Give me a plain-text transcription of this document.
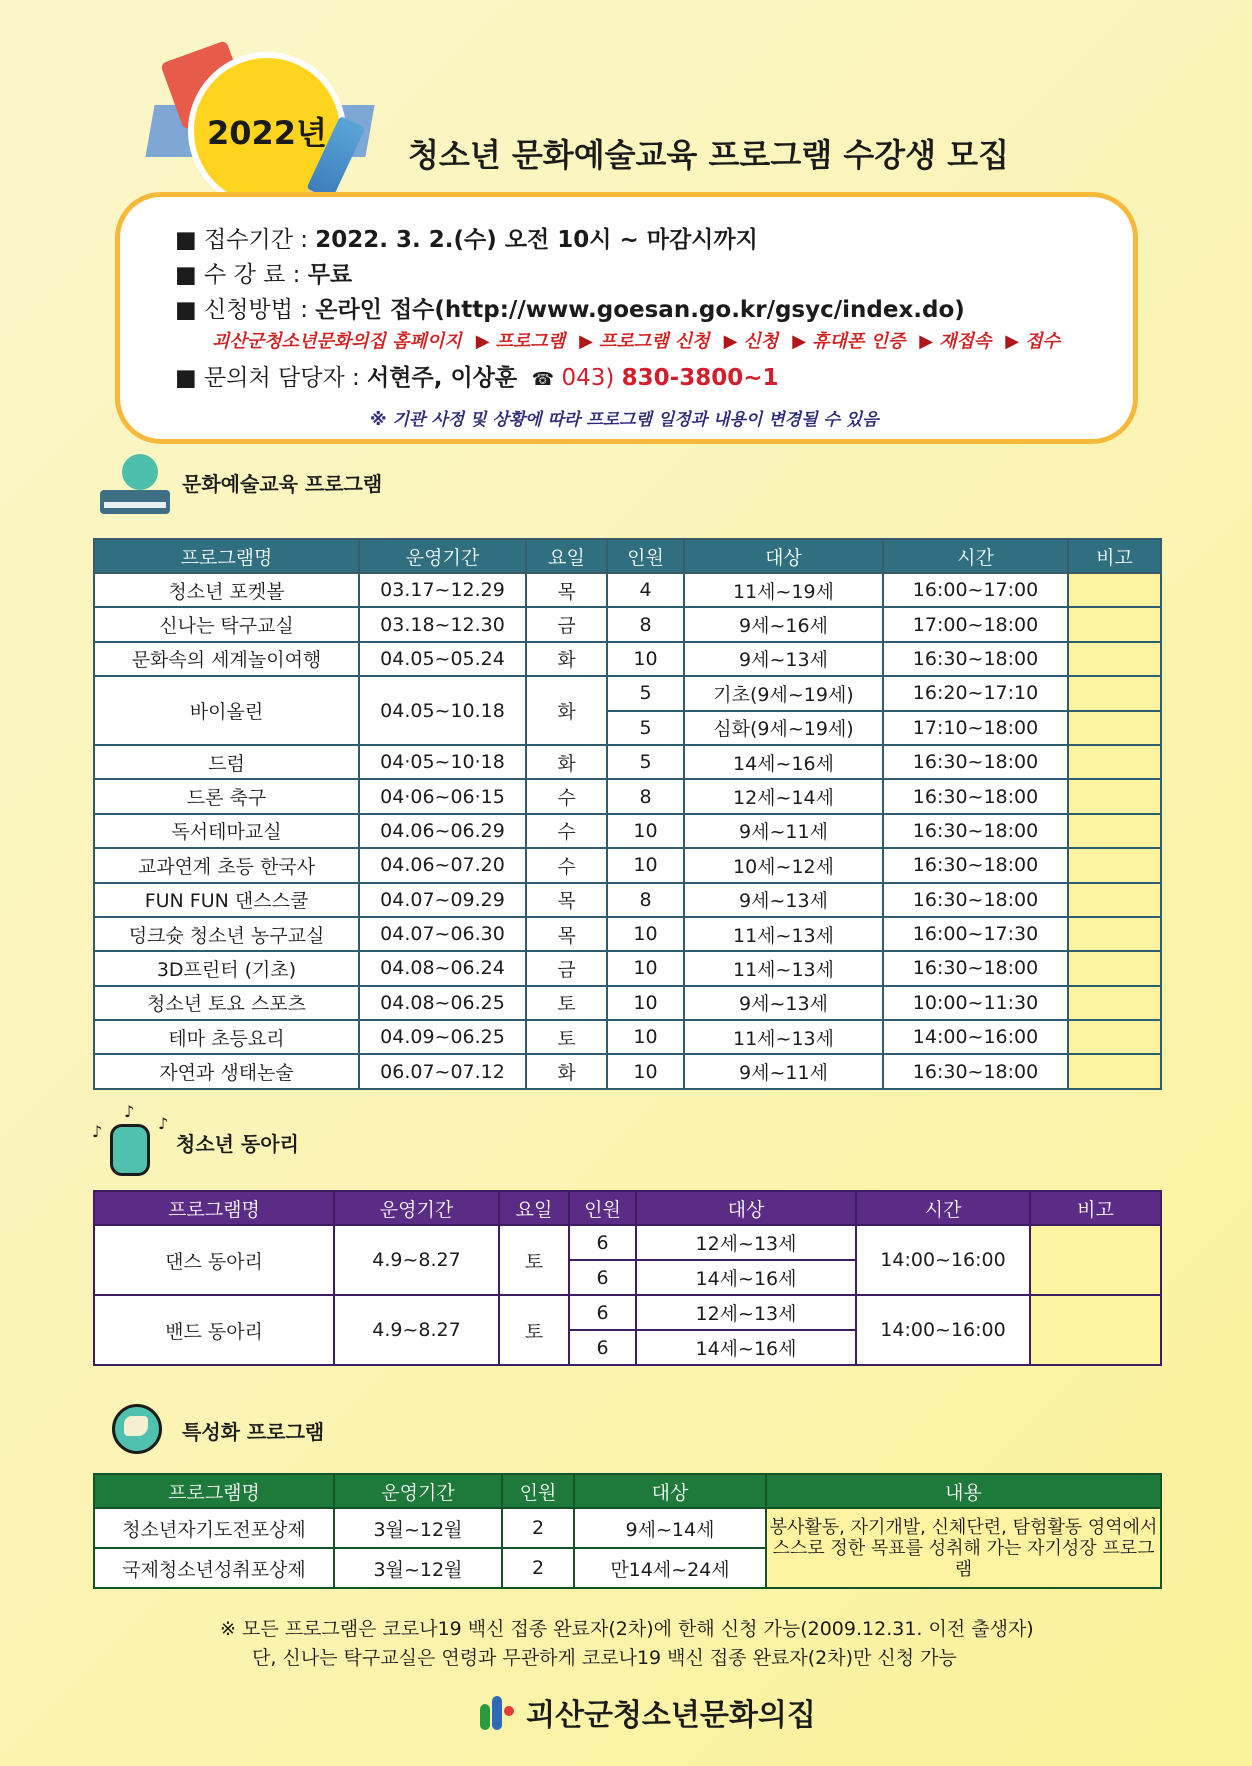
2022년
청소년 문화예술교육 프로그램 수강생 모집
■ 접수기간 : 2022. 3. 2.(수) 오전 10시 ~ 마감시까지
■ 수 강 료 : 무료
■ 신청방법 : 온라인 접수(http://www.goesan.go.kr/gsyc/index.do)
괴산군청소년문화의집 홈페이지 ▶ 프로그램 ▶ 프로그램 신청 ▶ 신청 ▶ 휴대폰 인증 ▶ 재접속 ▶ 접수
■ 문의처 담당자 : 서현주, 이상훈 ☎ 043) 830-3800~1
※ 기관 사정 및 상황에 따라 프로그램 일정과 내용이 변경될 수 있음
문화예술교육 프로그램
프로그램명	운영기간	요일	인원	대상	시간	비고
청소년 포켓볼	03.17~12.29	목	4	11세~19세	16:00~17:00	
신나는 탁구교실	03.18~12.30	금	8	9세~16세	17:00~18:00	
문화속의 세계놀이여행	04.05~05.24	화	10	9세~13세	16:30~18:00	
바이올린	04.05~10.18	화	5	기초(9세~19세)	16:20~17:10	
			5	심화(9세~19세)	17:10~18:00	
드럼	04·05~10·18	화	5	14세~16세	16:30~18:00	
드론 축구	04·06~06·15	수	8	12세~14세	16:30~18:00	
독서테마교실	04.06~06.29	수	10	9세~11세	16:30~18:00	
교과연계 초등 한국사	04.06~07.20	수	10	10세~12세	16:30~18:00	
FUN FUN 댄스스쿨	04.07~09.29	목	8	9세~13세	16:30~18:00	
덩크슛 청소년 농구교실	04.07~06.30	목	10	11세~13세	16:00~17:30	
3D프린터 (기초)	04.08~06.24	금	10	11세~13세	16:30~18:00	
청소년 토요 스포츠	04.08~06.25	토	10	9세~13세	10:00~11:30	
테마 초등요리	04.09~06.25	토	10	11세~13세	14:00~16:00	
자연과 생태논술	06.07~07.12	화	10	9세~11세	16:30~18:00	
♪
♪	♪
청소년 동아리
프로그램명	운영기간	요일	인원	대상	시간	비고
댄스 동아리	4.9~8.27	토	6	12세~13세	14:00~16:00	
			6	14세~16세		
밴드 동아리	4.9~8.27	토	6	12세~13세	14:00~16:00	
			6	14세~16세		
특성화 프로그램
프로그램명	운영기간	인원	대상	내용
청소년자기도전포상제	3월~12월	2	9세~14세	봉사활동, 자기개발, 신체단련, 탐험활동 영역에서 스스로 정한 목표를 성취해 가는 자기성장 프로그램
국제청소년성취포상제	3월~12월	2	만14세~24세	
※ 모든 프로그램은 코로나19 백신 접종 완료자(2차)에 한해 신청 가능(2009.12.31. 이전 출생자)
단, 신나는 탁구교실은 연령과 무관하게 코로나19 백신 접종 완료자(2차)만 신청 가능
괴산군청소년문화의집
